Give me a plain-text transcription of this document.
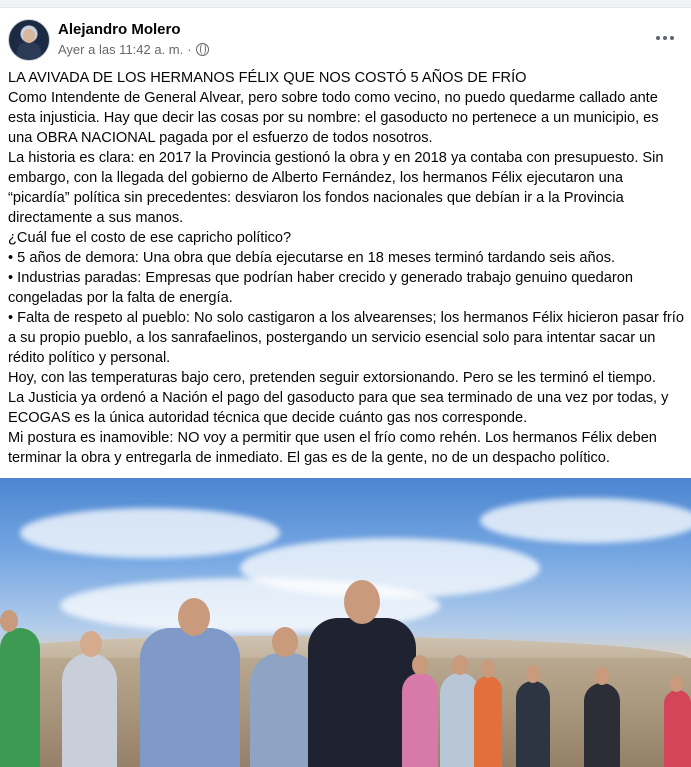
Alejandro Molero
Ayer a las 11:42 a. m. ·

LA AVIVADA DE LOS HERMANOS FÉLIX QUE NOS COSTÓ 5 AÑOS DE FRÍO

Como Intendente de General Alvear, pero sobre todo como vecino, no puedo quedarme callado ante esta injusticia. Hay que decir las cosas por su nombre: el gasoducto no pertenece a un municipio, es una OBRA NACIONAL pagada por el esfuerzo de todos nosotros.

La historia es clara: en 2017 la Provincia gestionó la obra y en 2018 ya contaba con presupuesto. Sin embargo, con la llegada del gobierno de Alberto Fernández, los hermanos Félix ejecutaron una “picardía” política sin precedentes: desviaron los fondos nacionales que debían ir a la Provincia directamente a sus manos.

¿Cuál fue el costo de ese capricho político?

• 5 años de demora: Una obra que debía ejecutarse en 18 meses terminó tardando seis años.

• Industrias paradas: Empresas que podrían haber crecido y generado trabajo genuino quedaron congeladas por la falta de energía.

• Falta de respeto al pueblo: No solo castigaron a los alvearenses; los hermanos Félix hicieron pasar frío a su propio pueblo, a los sanrafaelinos, postergando un servicio esencial solo para intentar sacar un rédito político y personal.

Hoy, con las temperaturas bajo cero, pretenden seguir extorsionando. Pero se les terminó el tiempo.

La Justicia ya ordenó a Nación el pago del gasoducto para que sea terminado de una vez por todas, y ECOGAS es la única autoridad técnica que decide cuánto gas nos corresponde.

Mi postura es inamovible: NO voy a permitir que usen el frío como rehén. Los hermanos Félix deben terminar la obra y entregarla de inmediato. El gas es de la gente, no de un despacho político.
